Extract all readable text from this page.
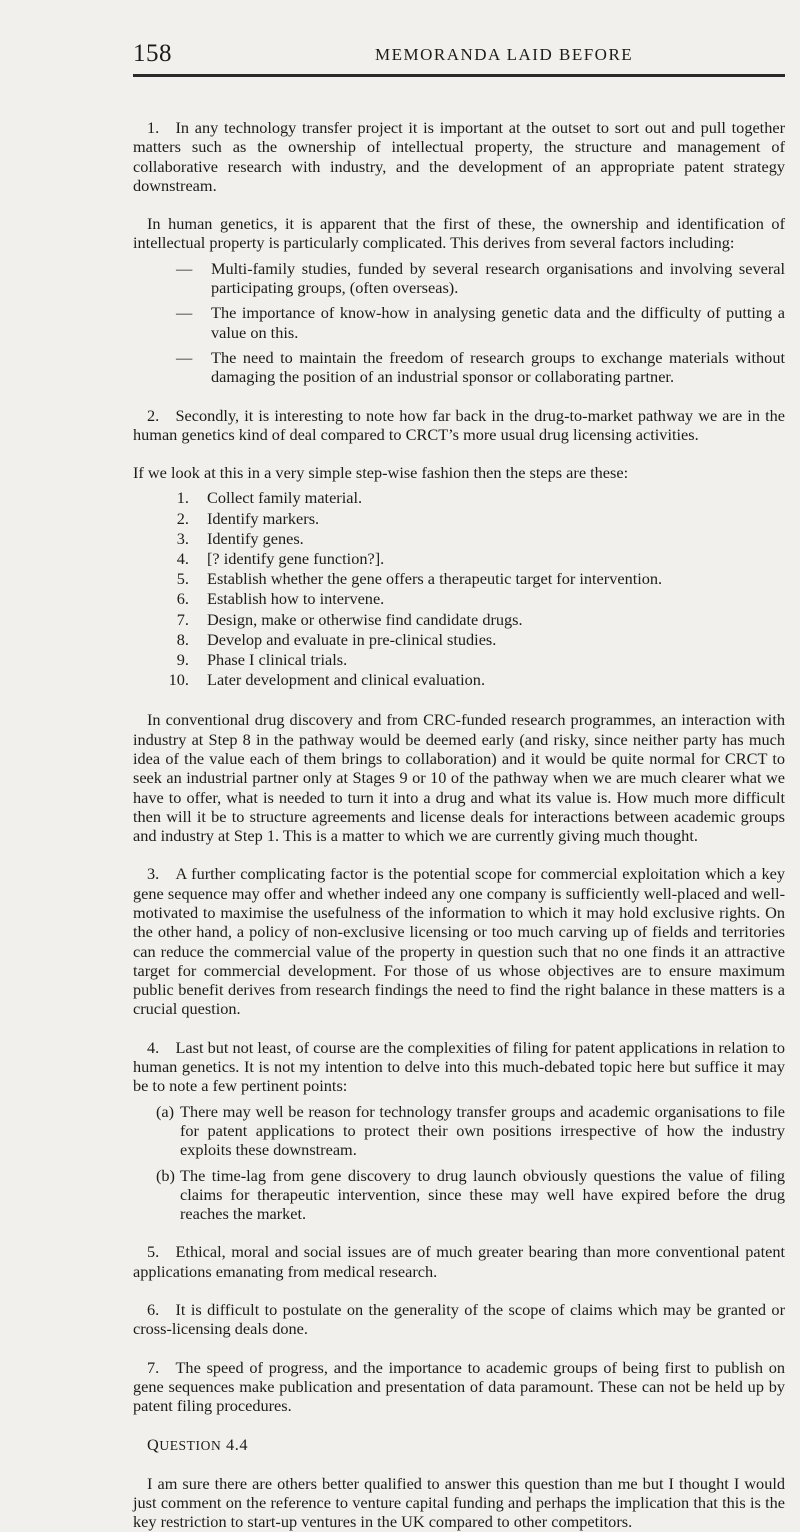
158	MEMORANDA LAID BEFORE

1. In any technology transfer project it is important at the outset to sort out and pull together matters such as the ownership of intellectual property, the structure and management of collaborative research with industry, and the development of an appropriate patent strategy downstream.

In human genetics, it is apparent that the first of these, the ownership and identification of intellectual property is particularly complicated. This derives from several factors including:

— Multi-family studies, funded by several research organisations and involving several participating groups, (often overseas).
— The importance of know-how in analysing genetic data and the difficulty of putting a value on this.
— The need to maintain the freedom of research groups to exchange materials without damaging the position of an industrial sponsor or collaborating partner.

2. Secondly, it is interesting to note how far back in the drug-to-market pathway we are in the human genetics kind of deal compared to CRCT’s more usual drug licensing activities.

If we look at this in a very simple step-wise fashion then the steps are these:

1. Collect family material.
2. Identify markers.
3. Identify genes.
4. [? identify gene function?].
5. Establish whether the gene offers a therapeutic target for intervention.
6. Establish how to intervene.
7. Design, make or otherwise find candidate drugs.
8. Develop and evaluate in pre-clinical studies.
9. Phase I clinical trials.
10. Later development and clinical evaluation.

In conventional drug discovery and from CRC-funded research programmes, an interaction with industry at Step 8 in the pathway would be deemed early (and risky, since neither party has much idea of the value each of them brings to collaboration) and it would be quite normal for CRCT to seek an industrial partner only at Stages 9 or 10 of the pathway when we are much clearer what we have to offer, what is needed to turn it into a drug and what its value is. How much more difficult then will it be to structure agreements and license deals for interactions between academic groups and industry at Step 1. This is a matter to which we are currently giving much thought.

3. A further complicating factor is the potential scope for commercial exploitation which a key gene sequence may offer and whether indeed any one company is sufficiently well-placed and well-motivated to maximise the usefulness of the information to which it may hold exclusive rights. On the other hand, a policy of non-exclusive licensing or too much carving up of fields and territories can reduce the commercial value of the property in question such that no one finds it an attractive target for commercial development. For those of us whose objectives are to ensure maximum public benefit derives from research findings the need to find the right balance in these matters is a crucial question.

4. Last but not least, of course are the complexities of filing for patent applications in relation to human genetics. It is not my intention to delve into this much-debated topic here but suffice it may be to note a few pertinent points:

(a) There may well be reason for technology transfer groups and academic organisations to file for patent applications to protect their own positions irrespective of how the industry exploits these downstream.
(b) The time-lag from gene discovery to drug launch obviously questions the value of filing claims for therapeutic intervention, since these may well have expired before the drug reaches the market.

5. Ethical, moral and social issues are of much greater bearing than more conventional patent applications emanating from medical research.

6. It is difficult to postulate on the generality of the scope of claims which may be granted or cross-licensing deals done.

7. The speed of progress, and the importance to academic groups of being first to publish on gene sequences make publication and presentation of data paramount. These can not be held up by patent filing procedures.

QUESTION 4.4

I am sure there are others better qualified to answer this question than me but I thought I would just comment on the reference to venture capital funding and perhaps the implication that this is the key restriction to start-up ventures in the UK compared to other competitors.
